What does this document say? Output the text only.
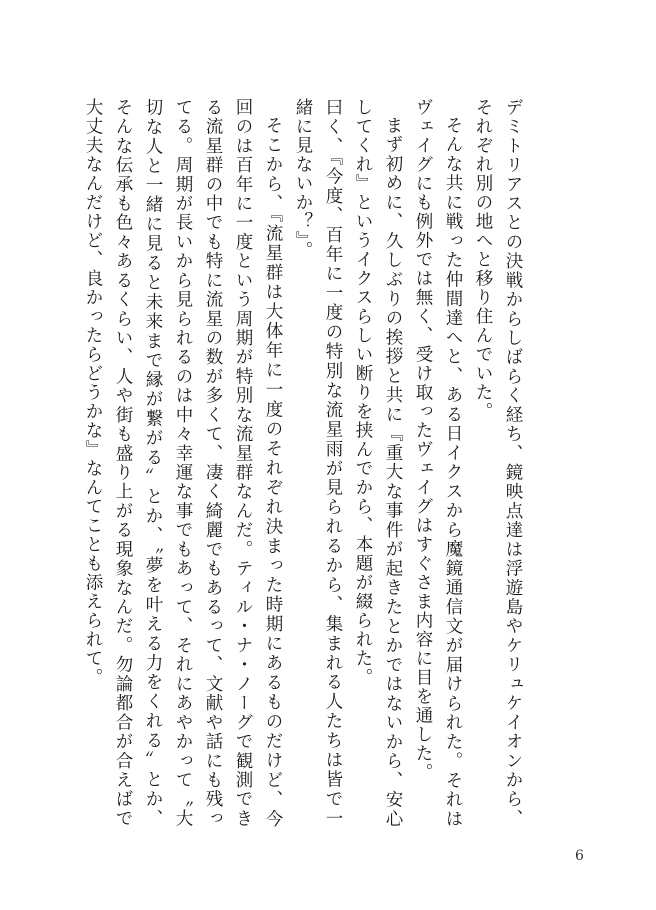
デミトリアスとの決戦からしばらく経ち、鏡映点達は浮遊島やケリュケイオンから、それぞれ別の地へと移り住んでいた。

そんな共に戦った仲間達へと、ある日イクスから魔鏡通信文が届けられた。それはヴェイグにも例外では無く、受け取ったヴェイグはすぐさま内容に目を通した。

まず初めに、久しぶりの挨拶と共に『重大な事件が起きたとかではないから、安心してくれ』というイクスらしい断りを挟んでから、本題が綴られた。

曰く、『今度、百年に一度の特別な流星雨が見られるから、集まれる人たちは皆で一緒に見ないか？』。

そこから、『流星群は大体年に一度のそれぞれ決まった時期にあるものだけど、今回のは百年に一度という周期が特別な流星群なんだ。ティル・ナ・ノーグで観測できる流星群の中でも特に流星の数が多くて、凄く綺麗でもあるって、文献や話にも残ってる。周期が長いから見られるのは中々幸運な事でもあって、それにあやかって〝大切な人と一緒に見ると未来まで縁が繋がる〟とか、〝夢を叶える力をくれる〟とか、そんな伝承も色々あるくらい、人や街も盛り上がる現象なんだ。勿論都合が合えばで大丈夫なんだけど、良かったらどうかな』なんてことも添えられて。

6
